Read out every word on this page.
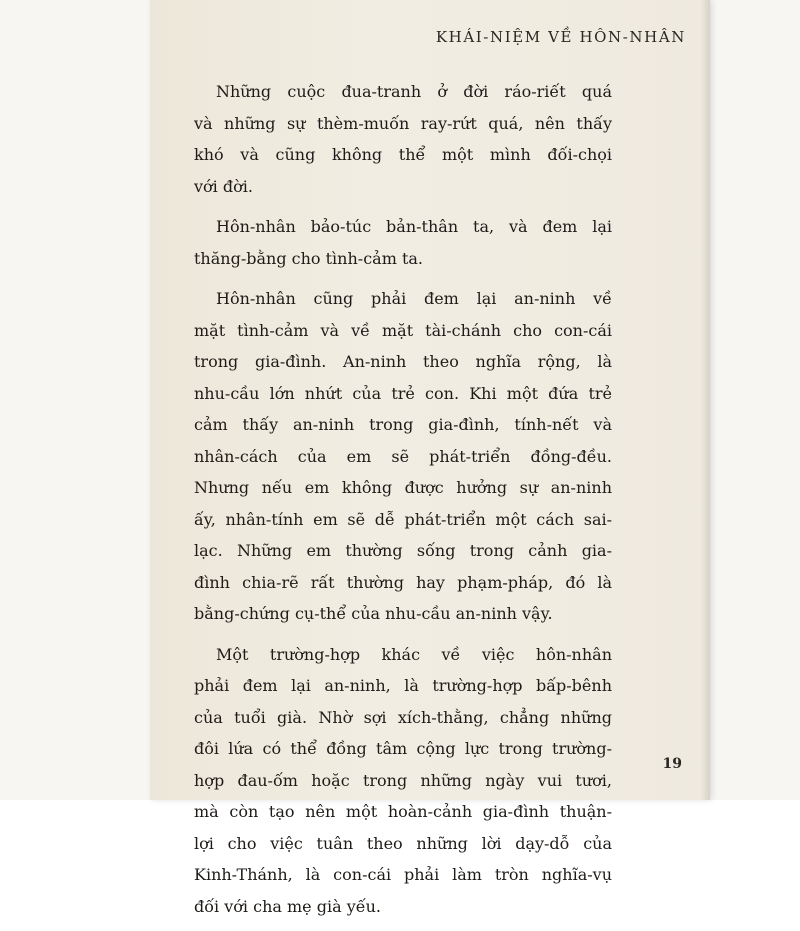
KHÁI-NIỆM VỀ HÔN-NHÂN

Những cuộc đua-tranh ở đời ráo-riết quá
và những sự thèm-muốn ray-rứt quá, nên thấy
khó và cũng không thể một mình đối-chọi
với đời.

Hôn-nhân bảo-túc bản-thân ta, và đem lại
thăng-bằng cho tình-cảm ta.

Hôn-nhân cũng phải đem lại an-ninh về
mặt tình-cảm và về mặt tài-chánh cho con-cái
trong gia-đình. An-ninh theo nghĩa rộng, là
nhu-cầu lớn nhứt của trẻ con. Khi một đứa trẻ
cảm thấy an-ninh trong gia-đình, tính-nết và
nhân-cách của em sẽ phát-triển đồng-đều.
Nhưng nếu em không được hưởng sự an-ninh
ấy, nhân-tính em sẽ dễ phát-triển một cách sai-
lạc. Những em thường sống trong cảnh gia-
đình chia-rẽ rất thường hay phạm-pháp, đó là
bằng-chứng cụ-thể của nhu-cầu an-ninh vậy.

Một trường-hợp khác về việc hôn-nhân
phải đem lại an-ninh, là trường-hợp bấp-bênh
của tuổi già. Nhờ sợi xích-thằng, chẳng những
đôi lứa có thể đồng tâm cộng lực trong trường-
hợp đau-ốm hoặc trong những ngày vui tươi,
mà còn tạo nên một hoàn-cảnh gia-đình thuận-
lợi cho việc tuân theo những lời dạy-dỗ của
Kinh-Thánh, là con-cái phải làm tròn nghĩa-vụ
đối với cha mẹ già yếu.

19
